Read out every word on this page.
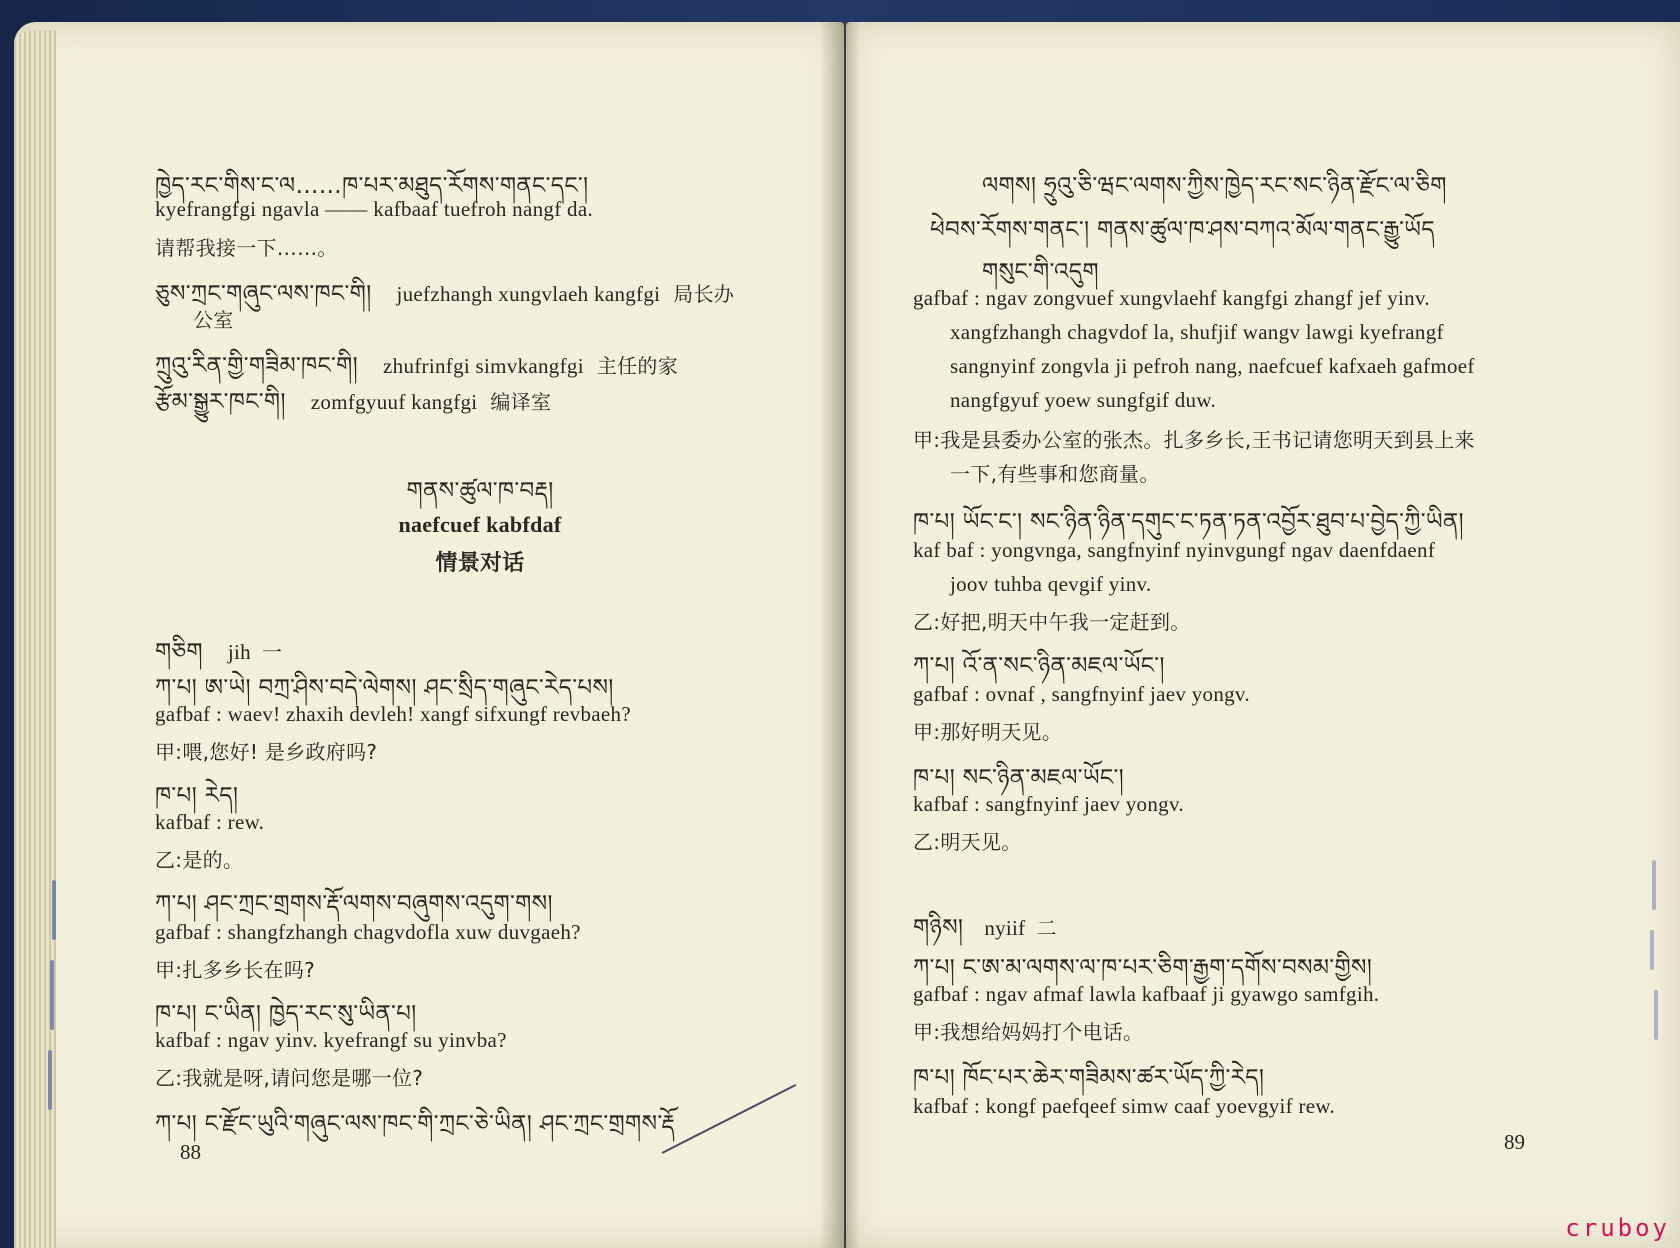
ཁྱེད་རང་གིས་ང་ལ……ཁ་པར་མཐུད་རོགས་གནང་དང་།
kyefrangfgi ngavla —— kafbaaf tuefroh nangf da.
请帮我接一下……。
ཅུས་ཀྲང་གཞུང་ལས་ཁང་གི། juefzhangh xungvlaeh kangfgi 局长办
公室
ཀྲུའུ་རིན་གྱི་གཟིམ་ཁང་གི། zhufrinfgi simvkangfgi 主任的家
རྩོམ་སྒྱུར་ཁང་གི། zomfgyuuf kangfgi 编译室
གནས་ཚུལ་ཁ་བརྡ།
naefcuef kabfdaf
情景对话
གཅིག jih 一
ཀ་པ། ཨ་ཡེ། བཀྲ་ཤིས་བདེ་ལེགས། ཤང་སྲིད་གཞུང་རེད་པས།
gafbaf : waev! zhaxih devleh! xangf sifxungf revbaeh?
甲:喂,您好! 是乡政府吗?
ཁ་པ། རེད།
kafbaf : rew.
乙:是的。
ཀ་པ། ཤང་ཀྲང་གྲགས་རྡོ་ལགས་བཞུགས་འདུག་གས།
gafbaf : shangfzhangh chagvdofla xuw duvgaeh?
甲:扎多乡长在吗?
ཁ་པ། ང་ཡིན། ཁྱེད་རང་སུ་ཡིན་པ།
kafbaf : ngav yinv. kyefrangf su yinvba?
乙:我就是呀,请问您是哪一位?
ཀ་པ། ང་རྫོང་ཡུའི་གཞུང་ལས་ཁང་གི་ཀྲང་ཅེ་ཡིན། ཤང་ཀྲང་གྲགས་རྡོ
88
ལགས། ཧྲུའུ་ཅི་ཝང་ལགས་ཀྱིས་ཁྱེད་རང་སང་ཉིན་རྫོང་ལ་ཅིག
ཕེབས་རོགས་གནང་། གནས་ཚུལ་ཁ་ཤས་བཀའ་མོལ་གནང་རྒྱུ་ཡོད
གསུང་གི་འདུག
gafbaf : ngav zongvuef xungvlaehf kangfgi zhangf jef yinv.
xangfzhangh chagvdof la, shufjif wangv lawgi kyefrangf
sangnyinf zongvla ji pefroh nang, naefcuef kafxaeh gafmoef
nangfgyuf yoew sungfgif duw.
甲:我是县委办公室的张杰。扎多乡长,王书记请您明天到县上来
一下,有些事和您商量。
ཁ་པ། ཡོང་ང་། སང་ཉིན་ཉིན་དགུང་ང་ཏན་ཏན་འབྱོར་ཐུབ་པ་བྱེད་ཀྱི་ཡིན།
kaf baf : yongvnga, sangfnyinf nyinvgungf ngav daenfdaenf
joov tuhba qevgif yinv.
乙:好把,明天中午我一定赶到。
ཀ་པ། འོ་ན་སང་ཉིན་མཇལ་ཡོང་།
gafbaf : ovnaf , sangfnyinf jaev yongv.
甲:那好明天见。
ཁ་པ། སང་ཉིན་མཇལ་ཡོང་།
kafbaf : sangfnyinf jaev yongv.
乙:明天见。
གཉིས། nyiif 二
ཀ་པ། ང་ཨ་མ་ལགས་ལ་ཁ་པར་ཅིག་རྒྱག་དགོས་བསམ་གྱིས།
gafbaf : ngav afmaf lawla kafbaaf ji gyawgo samfgih.
甲:我想给妈妈打个电话。
ཁ་པ། ཁོང་པར་ཆེར་གཟིམས་ཚར་ཡོད་ཀྱི་རེད།
kafbaf : kongf paefqeef simw caaf yoevgyif rew.
89
cruboy
